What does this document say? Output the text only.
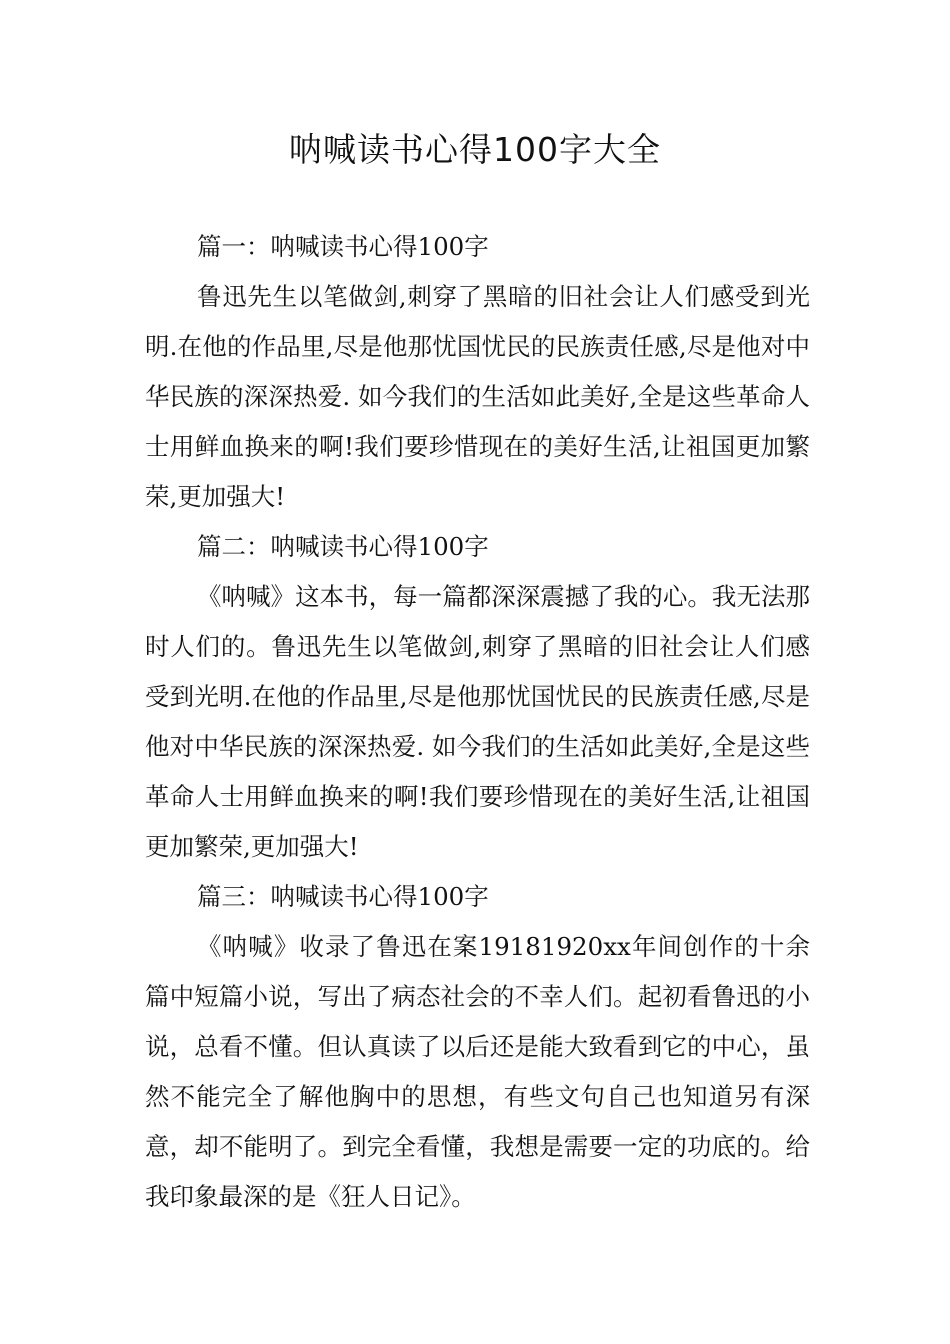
呐喊读书心得100字大全
篇一：呐喊读书心得100字

鲁迅先生以笔做剑,刺穿了黑暗的旧社会让人们感受到光明.在他的作品里,尽是他那忧国忧民的民族责任感,尽是他对中华民族的深深热爱. 如今我们的生活如此美好,全是这些革命人士用鲜血换来的啊!我们要珍惜现在的美好生活,让祖国更加繁荣,更加强大!

篇二：呐喊读书心得100字

《呐喊》这本书，每一篇都深深震撼了我的心。我无法那时人们的。鲁迅先生以笔做剑,刺穿了黑暗的旧社会让人们感受到光明.在他的作品里,尽是他那忧国忧民的民族责任感,尽是他对中华民族的深深热爱. 如今我们的生活如此美好,全是这些革命人士用鲜血换来的啊!我们要珍惜现在的美好生活,让祖国更加繁荣,更加强大!

篇三：呐喊读书心得100字

《呐喊》收录了鲁迅在案19181920xx年间创作的十余篇中短篇小说，写出了病态社会的不幸人们。起初看鲁迅的小说，总看不懂。但认真读了以后还是能大致看到它的中心，虽然不能完全了解他胸中的思想，有些文句自己也知道另有深意，却不能明了。到完全看懂，我想是需要一定的功底的。给我印象最深的是《狂人日记》。
